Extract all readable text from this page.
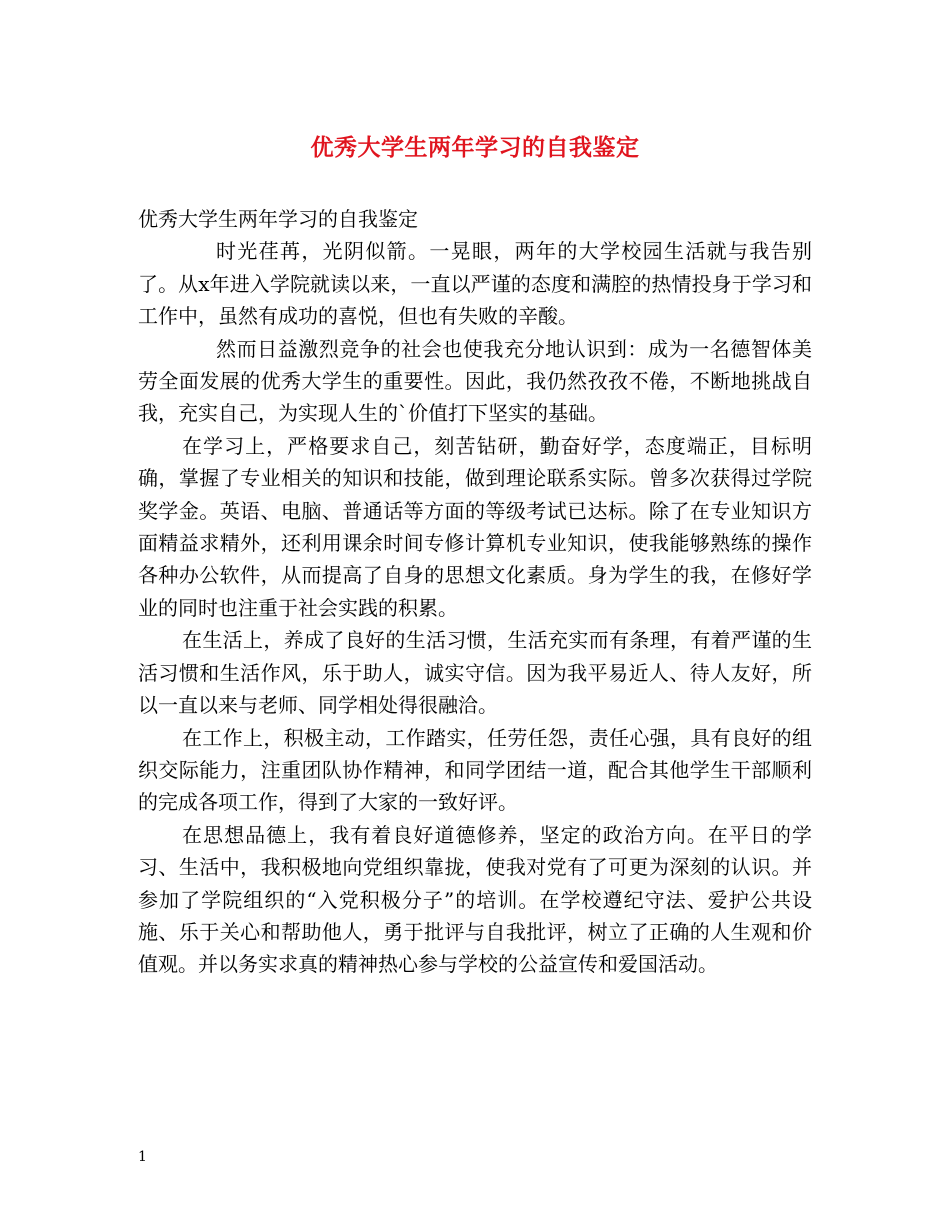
优秀大学生两年学习的自我鉴定

优秀大学生两年学习的自我鉴定

时光荏苒，光阴似箭。一晃眼，两年的大学校园生活就与我告别了。从x年进入学院就读以来，一直以严谨的态度和满腔的热情投身于学习和工作中，虽然有成功的喜悦，但也有失败的辛酸。

然而日益激烈竞争的社会也使我充分地认识到：成为一名德智体美劳全面发展的优秀大学生的重要性。因此，我仍然孜孜不倦，不断地挑战自我，充实自己，为实现人生的`价值打下坚实的基础。

在学习上，严格要求自己，刻苦钻研，勤奋好学，态度端正，目标明确，掌握了专业相关的知识和技能，做到理论联系实际。曾多次获得过学院奖学金。英语、电脑、普通话等方面的等级考试已达标。除了在专业知识方面精益求精外，还利用课余时间专修计算机专业知识，使我能够熟练的操作各种办公软件，从而提高了自身的思想文化素质。身为学生的我，在修好学业的同时也注重于社会实践的积累。

在生活上，养成了良好的生活习惯，生活充实而有条理，有着严谨的生活习惯和生活作风，乐于助人，诚实守信。因为我平易近人、待人友好，所以一直以来与老师、同学相处得很融洽。

在工作上，积极主动，工作踏实，任劳任怨，责任心强，具有良好的组织交际能力，注重团队协作精神，和同学团结一道，配合其他学生干部顺利的完成各项工作，得到了大家的一致好评。

在思想品德上，我有着良好道德修养，坚定的政治方向。在平日的学习、生活中，我积极地向党组织靠拢，使我对党有了可更为深刻的认识。并参加了学院组织的“入党积极分子”的培训。在学校遵纪守法、爱护公共设施、乐于关心和帮助他人，勇于批评与自我批评，树立了正确的人生观和价值观。并以务实求真的精神热心参与学校的公益宣传和爱国活动。

1
